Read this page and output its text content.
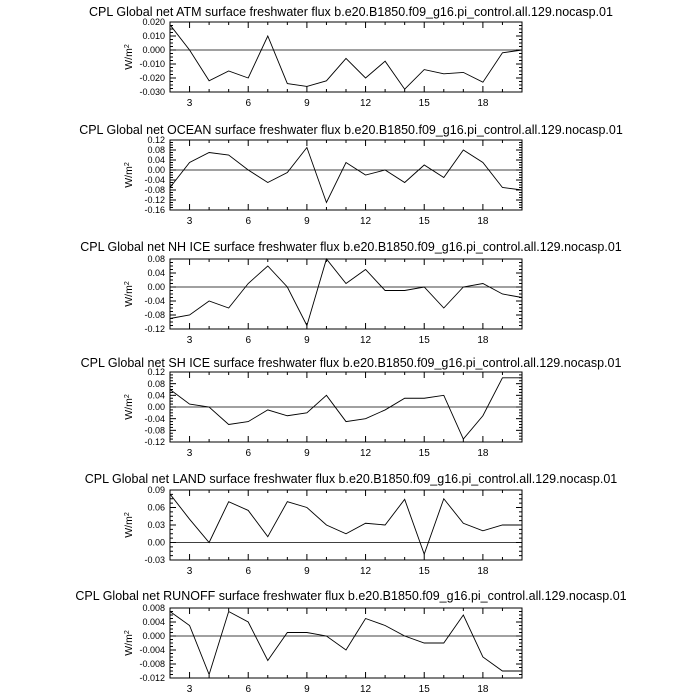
CPL Global net ATM surface freshwater flux b.e20.B1850.f09_g16.pi_control.all.129.nocasp.01
0.020
0.010
0.000
-0.010
-0.020
-0.030
$W/m^2$
3	6	9	12	15	18
CPL Global net OCEAN surface freshwater flux b.e20.B1850.f09_g16.pi_control.all.129.nocasp.01
0.12
0.08
0.04
0.00
-0.04
-0.08
-0.12
-0.16
$W/m^2$
3	6	9	12	15	18
CPL Global net NH ICE surface freshwater flux b.e20.B1850.f09_g16.pi_control.all.129.nocasp.01
0.08
0.04
0.00
-0.04
-0.08
-0.12
$W/m^2$
3	6	9	12	15	18
CPL Global net SH ICE surface freshwater flux b.e20.B1850.f09_g16.pi_control.all.129.nocasp.01
0.12
0.08
0.04
0.00
-0.04
-0.08
-0.12
$W/m^2$
3	6	9	12	15	18
CPL Global net LAND surface freshwater flux b.e20.B1850.f09_g16.pi_control.all.129.nocasp.01
0.09
0.06
0.03
0.00
-0.03
$W/m^2$
3	6	9	12	15	18
CPL Global net RUNOFF surface freshwater flux b.e20.B1850.f09_g16.pi_control.all.129.nocasp.01
0.008
0.004
0.000
-0.004
-0.008
-0.012
$W/m^2$
3	6	9	12	15	18
